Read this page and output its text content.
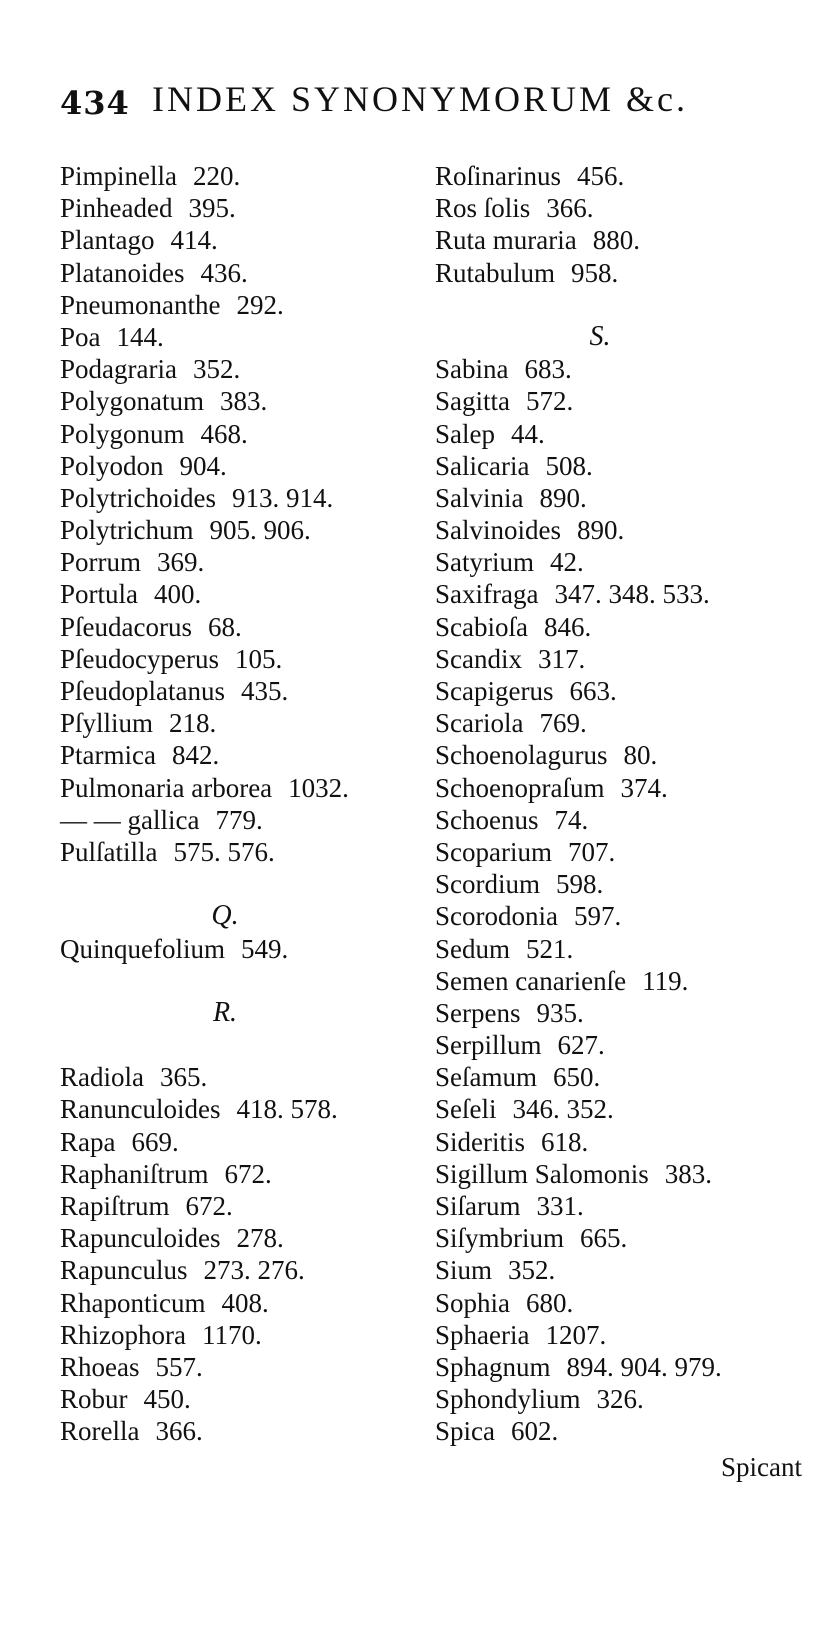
434 INDEX SYNONYMORUM &c.
Pimpinella 220.
Pinheaded 395.
Plantago 414.
Platanoides 436.
Pneumonanthe 292.
Poa 144.
Podagraria 352.
Polygonatum 383.
Polygonum 468.
Polyodon 904.
Polytrichoides 913. 914.
Polytrichum 905. 906.
Porrum 369.
Portula 400.
Pſeudacorus 68.
Pſeudocyperus 105.
Pſeudoplatanus 435.
Pſyllium 218.
Ptarmica 842.
Pulmonaria arborea 1032.
— — gallica 779.
Pulſatilla 575. 576.
Q.
Quinquefolium 549.
R.
Radiola 365.
Ranunculoides 418. 578.
Rapa 669.
Raphaniſtrum 672.
Rapiſtrum 672.
Rapunculoides 278.
Rapunculus 273. 276.
Rhaponticum 408.
Rhizophora 1170.
Rhoeas 557.
Robur 450.
Rorella 366.
Roſinarinus 456.
Ros ſolis 366.
Ruta muraria 880.
Rutabulum 958.
S.
Sabina 683.
Sagitta 572.
Salep 44.
Salicaria 508.
Salvinia 890.
Salvinoides 890.
Satyrium 42.
Saxifraga 347. 348. 533.
Scabioſa 846.
Scandix 317.
Scapigerus 663.
Scariola 769.
Schoenolagurus 80.
Schoenopraſum 374.
Schoenus 74.
Scoparium 707.
Scordium 598.
Scorodonia 597.
Sedum 521.
Semen canarienſe 119.
Serpens 935.
Serpillum 627.
Seſamum 650.
Seſeli 346. 352.
Sideritis 618.
Sigillum Salomonis 383.
Siſarum 331.
Siſymbrium 665.
Sium 352.
Sophia 680.
Sphaeria 1207.
Sphagnum 894. 904. 979.
Sphondylium 326.
Spica 602.
Spicant
